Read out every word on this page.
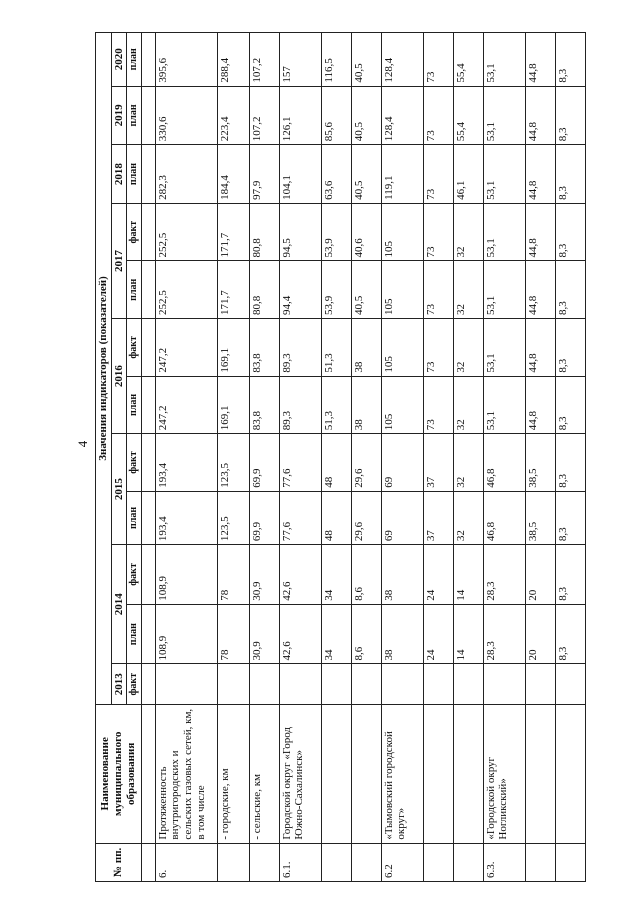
4
№ пп.	Наименование муниципального образования	Значения индикаторов (показателей)											
		2013	2014		2015		2016		2017		2018	2019	2020
		факт	план	факт	план	факт	план	факт	план	факт	план	план	план

6.	Протяженность внутригородских и сельских газовых сетей, км, в том числе		108,9	108,9	193,4	193,4	247,2	247,2	252,5	252,5	282,3	330,6	395,6
	- городские, км		78	78	123,5	123,5	169,1	169,1	171,7	171,7	184,4	223,4	288,4
	- сельские, км		30,9	30,9	69,9	69,9	83,8	83,8	80,8	80,8	97,9	107,2	107,2
6.1.	Городской округ «Город Южно-Сахалинск»		42,6	42,6	77,6	77,6	89,3	89,3	94,4	94,5	104,1	126,1	157
			34	34	48	48	51,3	51,3	53,9	53,9	63,6	85,6	116,5
			8,6	8,6	29,6	29,6	38	38	40,5	40,6	40,5	40,5	40,5
6.2	«Тымовский городской округ»		38	38	69	69	105	105	105	105	119,1	128,4	128,4
			24	24	37	37	73	73	73	73	73	73	73
			14	14	32	32	32	32	32	32	46,1	55,4	55,4
6.3.	«Городской округ Ногликский»		28,3	28,3	46,8	46,8	53,1	53,1	53,1	53,1	53,1	53,1	53,1
			20	20	38,5	38,5	44,8	44,8	44,8	44,8	44,8	44,8	44,8
			8,3	8,3	8,3	8,3	8,3	8,3	8,3	8,3	8,3	8,3	8,3
